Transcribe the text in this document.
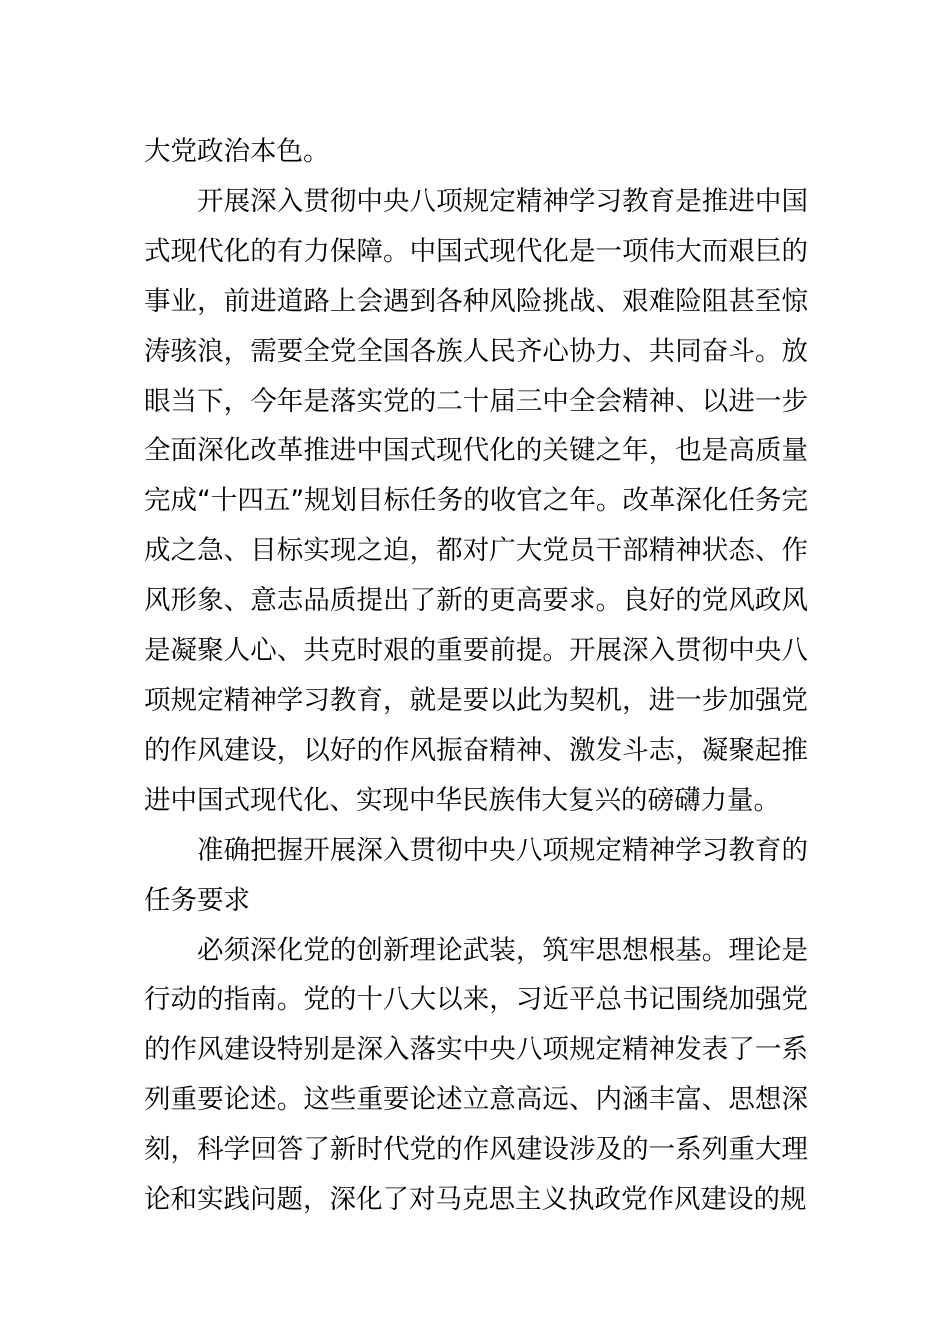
大党政治本色。

开展深入贯彻中央八项规定精神学习教育是推进中国式现代化的有力保障。中国式现代化是一项伟大而艰巨的事业，前进道路上会遇到各种风险挑战、艰难险阻甚至惊涛骇浪，需要全党全国各族人民齐心协力、共同奋斗。放眼当下，今年是落实党的二十届三中全会精神、以进一步全面深化改革推进中国式现代化的关键之年，也是高质量完成“十四五”规划目标任务的收官之年。改革深化任务完成之急、目标实现之迫，都对广大党员干部精神状态、作风形象、意志品质提出了新的更高要求。良好的党风政风是凝聚人心、共克时艰的重要前提。开展深入贯彻中央八项规定精神学习教育，就是要以此为契机，进一步加强党的作风建设，以好的作风振奋精神、激发斗志，凝聚起推进中国式现代化、实现中华民族伟大复兴的磅礴力量。

准确把握开展深入贯彻中央八项规定精神学习教育的任务要求

必须深化党的创新理论武装，筑牢思想根基。理论是行动的指南。党的十八大以来，习近平总书记围绕加强党的作风建设特别是深入落实中央八项规定精神发表了一系列重要论述。这些重要论述立意高远、内涵丰富、思想深刻，科学回答了新时代党的作风建设涉及的一系列重大理论和实践问题，深化了对马克思主义执政党作风建设的规
